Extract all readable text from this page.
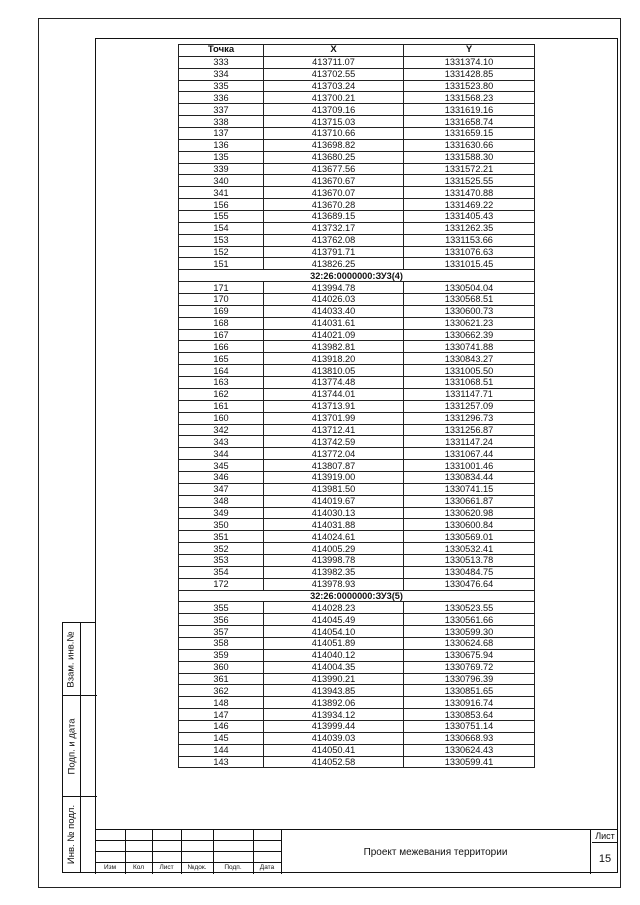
Точка	X	Y
333	413711.07	1331374.10
334	413702.55	1331428.85
335	413703.24	1331523.80
336	413700.21	1331568.23
337	413709.16	1331619.16
338	413715.03	1331658.74
137	413710.66	1331659.15
136	413698.82	1331630.66
135	413680.25	1331588.30
339	413677.56	1331572.21
340	413670.67	1331525.55
341	413670.07	1331470.88
156	413670.28	1331469.22
155	413689.15	1331405.43
154	413732.17	1331262.35
153	413762.08	1331153.66
152	413791.71	1331076.63
151	413826.25	1331015.45
32:26:0000000:ЗУ3(4)		
171	413994.78	1330504.04
170	414026.03	1330568.51
169	414033.40	1330600.73
168	414031.61	1330621.23
167	414021.09	1330662.39
166	413982.81	1330741.88
165	413918.20	1330843.27
164	413810.05	1331005.50
163	413774.48	1331068.51
162	413744.01	1331147.71
161	413713.91	1331257.09
160	413701.99	1331296.73
342	413712.41	1331256.87
343	413742.59	1331147.24
344	413772.04	1331067.44
345	413807.87	1331001.46
346	413919.00	1330834.44
347	413981.50	1330741.15
348	414019.67	1330661.87
349	414030.13	1330620.98
350	414031.88	1330600.84
351	414024.61	1330569.01
352	414005.29	1330532.41
353	413998.78	1330513.78
354	413982.35	1330484.75
172	413978.93	1330476.64
32:26:0000000:ЗУ3(5)		
355	414028.23	1330523.55
356	414045.49	1330561.66
357	414054.10	1330599.30
358	414051.89	1330624.68
359	414040.12	1330675.94
360	414004.35	1330769.72
361	413990.21	1330796.39
362	413943.85	1330851.65
148	413892.06	1330916.74
147	413934.12	1330853.64
146	413999.44	1330751.14
145	414039.03	1330668.93
144	414050.41	1330624.43
143	414052.58	1330599.41
Взам. инв.№
Подп. и дата
Инв. № подл.
Изм	Кол	Лист	№док.	Подп.	Дата
Проект межевания территории
Лист
15
